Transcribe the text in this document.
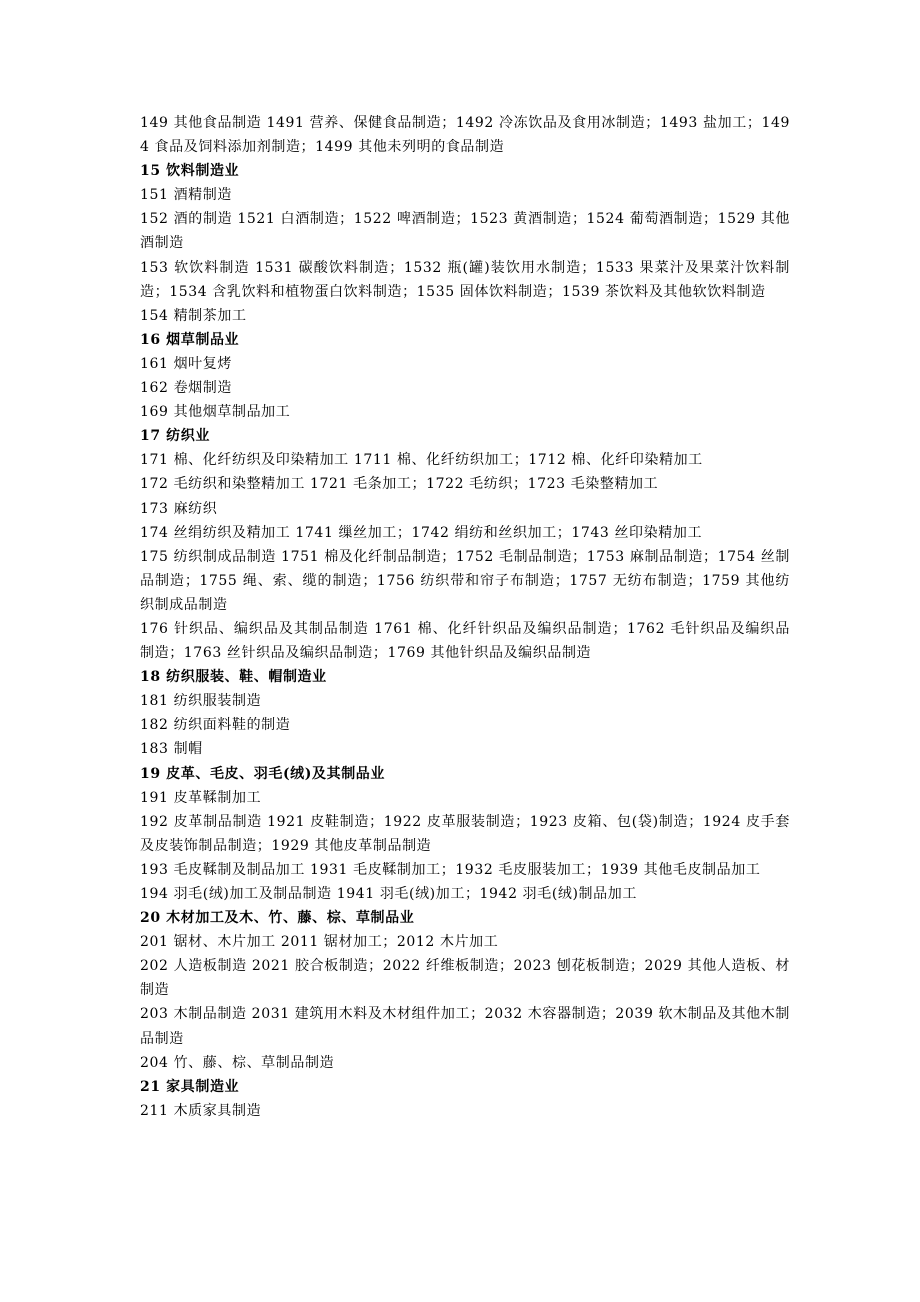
149 其他食品制造 1491 营养、保健食品制造；1492 冷冻饮品及食用冰制造；1493 盐加工；1494 食品及饲料添加剂制造；1499 其他未列明的食品制造
15 饮料制造业
151 酒精制造
152 酒的制造 1521 白酒制造；1522 啤酒制造；1523 黄酒制造；1524 葡萄酒制造；1529 其他酒制造
153 软饮料制造 1531 碳酸饮料制造；1532 瓶(罐)装饮用水制造；1533 果菜汁及果菜汁饮料制造；1534 含乳饮料和植物蛋白饮料制造；1535 固体饮料制造；1539 茶饮料及其他软饮料制造
154 精制茶加工
16 烟草制品业
161 烟叶复烤
162 卷烟制造
169 其他烟草制品加工
17 纺织业
171 棉、化纤纺织及印染精加工 1711 棉、化纤纺织加工；1712 棉、化纤印染精加工
172 毛纺织和染整精加工 1721 毛条加工；1722 毛纺织；1723 毛染整精加工
173 麻纺织
174 丝绢纺织及精加工 1741 缫丝加工；1742 绢纺和丝织加工；1743 丝印染精加工
175 纺织制成品制造 1751 棉及化纤制品制造；1752 毛制品制造；1753 麻制品制造；1754 丝制品制造；1755 绳、索、缆的制造；1756 纺织带和帘子布制造；1757 无纺布制造；1759 其他纺织制成品制造
176 针织品、编织品及其制品制造 1761 棉、化纤针织品及编织品制造；1762 毛针织品及编织品制造；1763 丝针织品及编织品制造；1769 其他针织品及编织品制造
18 纺织服装、鞋、帽制造业
181 纺织服装制造
182 纺织面料鞋的制造
183 制帽
19 皮革、毛皮、羽毛(绒)及其制品业
191 皮革鞣制加工
192 皮革制品制造 1921 皮鞋制造；1922 皮革服装制造；1923 皮箱、包(袋)制造；1924 皮手套及皮装饰制品制造；1929 其他皮革制品制造
193 毛皮鞣制及制品加工 1931 毛皮鞣制加工；1932 毛皮服装加工；1939 其他毛皮制品加工
194 羽毛(绒)加工及制品制造 1941 羽毛(绒)加工；1942 羽毛(绒)制品加工
20 木材加工及木、竹、藤、棕、草制品业
201 锯材、木片加工 2011 锯材加工；2012 木片加工
202 人造板制造 2021 胶合板制造；2022 纤维板制造；2023 刨花板制造；2029 其他人造板、材制造
203 木制品制造 2031 建筑用木料及木材组件加工；2032 木容器制造；2039 软木制品及其他木制品制造
204 竹、藤、棕、草制品制造
21 家具制造业
211 木质家具制造
